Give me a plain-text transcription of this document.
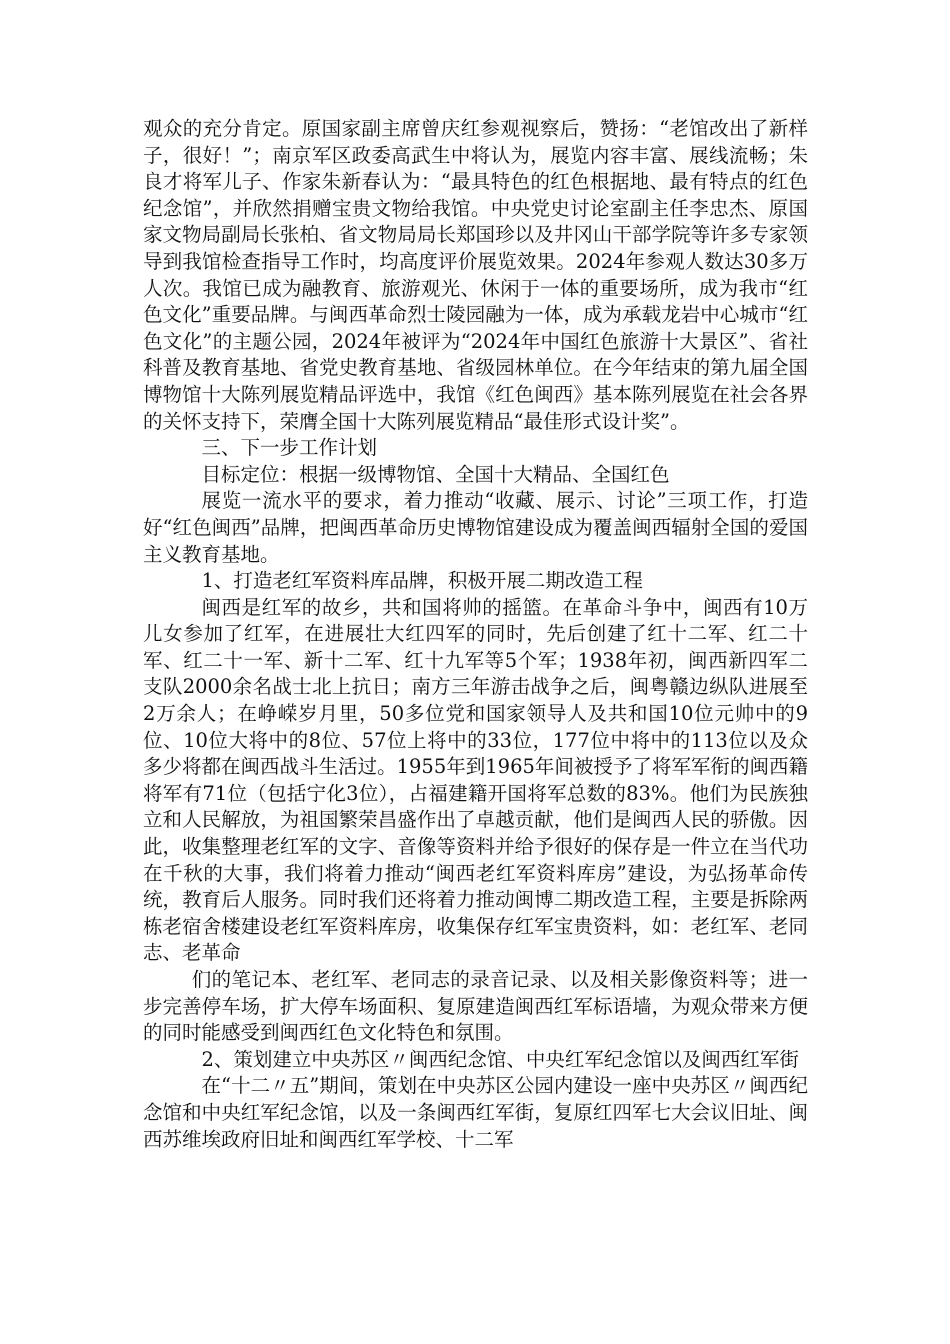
观众的充分肯定。原国家副主席曾庆红参观视察后，赞扬：“老馆改出了新样子，很好！”；南京军区政委高武生中将认为，展览内容丰富、展线流畅；朱良才将军儿子、作家朱新春认为：“最具特色的红色根据地、最有特点的红色纪念馆”，并欣然捐赠宝贵文物给我馆。中央党史讨论室副主任李忠杰、原国家文物局副局长张柏、省文物局局长郑国珍以及井冈山干部学院等许多专家领导到我馆检查指导工作时，均高度评价展览效果。2024年参观人数达30多万人次。我馆已成为融教育、旅游观光、休闲于一体的重要场所，成为我市“红色文化”重要品牌。与闽西革命烈士陵园融为一体，成为承载龙岩中心城市“红色文化”的主题公园，2024年被评为“2024年中国红色旅游十大景区”、省社科普及教育基地、省党史教育基地、省级园林单位。在今年结束的第九届全国博物馆十大陈列展览精品评选中，我馆《红色闽西》基本陈列展览在社会各界的关怀支持下，荣膺全国十大陈列展览精品“最佳形式设计奖”。

三、下一步工作计划

目标定位：根据一级博物馆、全国十大精品、全国红色

展览一流水平的要求，着力推动“收藏、展示、讨论”三项工作，打造好“红色闽西”品牌，把闽西革命历史博物馆建设成为覆盖闽西辐射全国的爱国主义教育基地。

1、打造老红军资料库品牌，积极开展二期改造工程

闽西是红军的故乡，共和国将帅的摇篮。在革命斗争中，闽西有10万儿女参加了红军，在进展壮大红四军的同时，先后创建了红十二军、红二十军、红二十一军、新十二军、红十九军等5个军；1938年初，闽西新四军二支队2000余名战士北上抗日；南方三年游击战争之后，闽粤赣边纵队进展至2万余人；在峥嵘岁月里，50多位党和国家领导人及共和国10位元帅中的9位、10位大将中的8位、57位上将中的33位，177位中将中的113位以及众多少将都在闽西战斗生活过。1955年到1965年间被授予了将军军衔的闽西籍将军有71位（包括宁化3位），占福建籍开国将军总数的83%。他们为民族独立和人民解放，为祖国繁荣昌盛作出了卓越贡献，他们是闽西人民的骄傲。因此，收集整理老红军的文字、音像等资料并给予很好的保存是一件立在当代功在千秋的大事，我们将着力推动“闽西老红军资料库房”建设，为弘扬革命传统，教育后人服务。同时我们还将着力推动闽博二期改造工程，主要是拆除两栋老宿舍楼建设老红军资料库房，收集保存红军宝贵资料，如：老红军、老同志、老革命

们的笔记本、老红军、老同志的录音记录、以及相关影像资料等；进一步完善停车场，扩大停车场面积、复原建造闽西红军标语墙，为观众带来方便的同时能感受到闽西红色文化特色和氛围。

2、策划建立中央苏区〃闽西纪念馆、中央红军纪念馆以及闽西红军街

在“十二〃五”期间，策划在中央苏区公园内建设一座中央苏区〃闽西纪念馆和中央红军纪念馆，以及一条闽西红军街，复原红四军七大会议旧址、闽西苏维埃政府旧址和闽西红军学校、十二军
